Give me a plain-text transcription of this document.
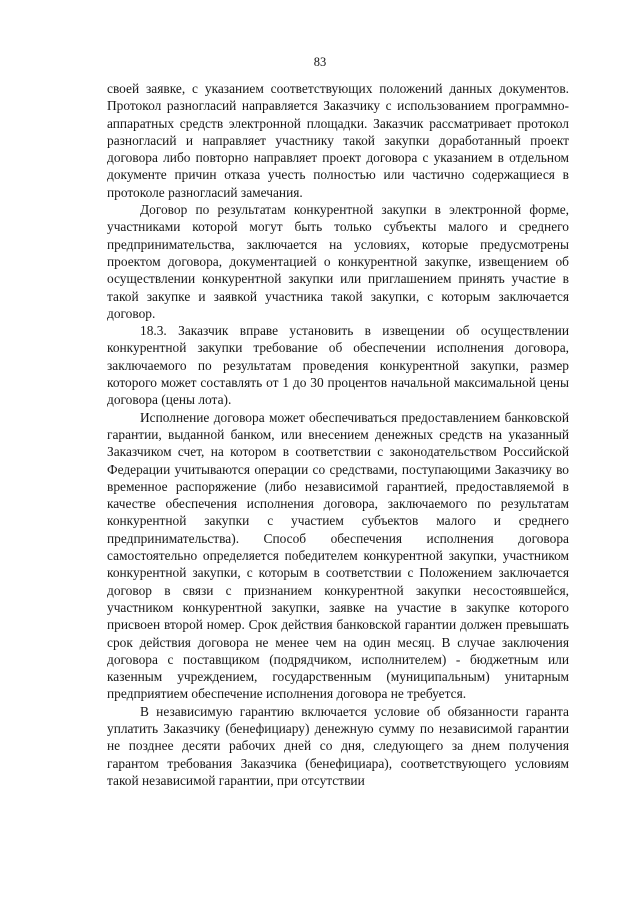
83

своей заявке, с указанием соответствующих положений данных документов. Протокол разногласий направляется Заказчику с использованием программно-аппаратных средств электронной площадки. Заказчик рассматривает протокол разногласий и направляет участнику такой закупки доработанный проект договора либо повторно направляет проект договора с указанием в отдельном документе причин отказа учесть полностью или частично содержащиеся в протоколе разногласий замечания.

Договор по результатам конкурентной закупки в электронной форме, участниками которой могут быть только субъекты малого и среднего предпринимательства, заключается на условиях, которые предусмотрены проектом договора, документацией о конкурентной закупке, извещением об осуществлении конкурентной закупки или приглашением принять участие в такой закупке и заявкой участника такой закупки, с которым заключается договор.

18.3. Заказчик вправе установить в извещении об осуществлении конкурентной закупки требование об обеспечении исполнения договора, заключаемого по результатам проведения конкурентной закупки, размер которого может составлять от 1 до 30 процентов начальной максимальной цены договора (цены лота).

Исполнение договора может обеспечиваться предоставлением банковской гарантии, выданной банком, или внесением денежных средств на указанный Заказчиком счет, на котором в соответствии с законодательством Российской Федерации учитываются операции со средствами, поступающими Заказчику во временное распоряжение (либо независимой гарантией, предоставляемой в качестве обеспечения исполнения договора, заключаемого по результатам конкурентной закупки с участием субъектов малого и среднего предпринимательства). Способ обеспечения исполнения договора самостоятельно определяется победителем конкурентной закупки, участником конкурентной закупки, с которым в соответствии с Положением заключается договор в связи с признанием конкурентной закупки несостоявшейся, участником конкурентной закупки, заявке на участие в закупке которого присвоен второй номер. Срок действия банковской гарантии должен превышать срок действия договора не менее чем на один месяц. В случае заключения договора с поставщиком (подрядчиком, исполнителем) - бюджетным или казенным учреждением, государственным (муниципальным) унитарным предприятием обеспечение исполнения договора не требуется.

В независимую гарантию включается условие об обязанности гаранта уплатить Заказчику (бенефициару) денежную сумму по независимой гарантии не позднее десяти рабочих дней со дня, следующего за днем получения гарантом требования Заказчика (бенефициара), соответствующего условиям такой независимой гарантии, при отсутствии
